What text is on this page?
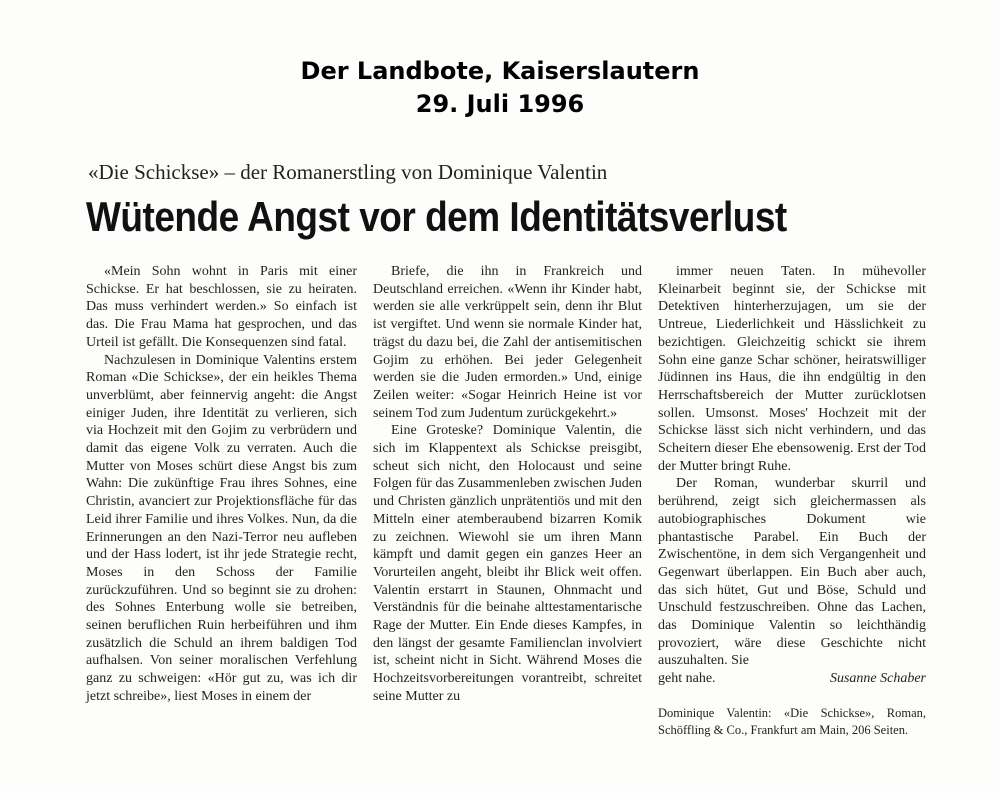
Der Landbote, Kaiserslautern
29. Juli 1996
«Die Schickse» – der Romanerstling von Dominique Valentin
Wütende Angst vor dem Identitätsverlust

«Mein Sohn wohnt in Paris mit einer Schickse. Er hat beschlossen, sie zu heiraten. Das muss verhindert werden.» So einfach ist das. Die Frau Mama hat gesprochen, und das Urteil ist gefällt. Die Konsequenzen sind fatal.

Nachzulesen in Dominique Valentins erstem Roman «Die Schickse», der ein heikles Thema unverblümt, aber feinnervig angeht: die Angst einiger Juden, ihre Identität zu verlieren, sich via Hochzeit mit den Gojim zu verbrüdern und damit das eigene Volk zu verraten. Auch die Mutter von Moses schürt diese Angst bis zum Wahn: Die zukünftige Frau ihres Sohnes, eine Christin, avanciert zur Projektionsfläche für das Leid ihrer Familie und ihres Volkes. Nun, da die Erinnerungen an den Nazi-Terror neu aufleben und der Hass lodert, ist ihr jede Strategie recht, Moses in den Schoss der Familie zurückzuführen. Und so beginnt sie zu drohen: des Sohnes Enterbung wolle sie betreiben, seinen beruflichen Ruin herbeiführen und ihm zusätzlich die Schuld an ihrem baldigen Tod aufhalsen. Von seiner moralischen Verfehlung ganz zu schweigen: «Hör gut zu, was ich dir jetzt schreibe», liest Moses in einem der

Briefe, die ihn in Frankreich und Deutschland erreichen. «Wenn ihr Kinder habt, werden sie alle verkrüppelt sein, denn ihr Blut ist vergiftet. Und wenn sie normale Kinder hat, trägst du dazu bei, die Zahl der antisemitischen Gojim zu erhöhen. Bei jeder Gelegenheit werden sie die Juden ermorden.» Und, einige Zeilen weiter: «Sogar Heinrich Heine ist vor seinem Tod zum Judentum zurückgekehrt.»

Eine Groteske? Dominique Valentin, die sich im Klappentext als Schickse preisgibt, scheut sich nicht, den Holocaust und seine Folgen für das Zusammenleben zwischen Juden und Christen gänzlich unprätentiös und mit den Mitteln einer atemberaubend bizarren Komik zu zeichnen. Wiewohl sie um ihren Mann kämpft und damit gegen ein ganzes Heer an Vorurteilen angeht, bleibt ihr Blick weit offen. Valentin erstarrt in Staunen, Ohnmacht und Verständnis für die beinahe alttestamentarische Rage der Mutter. Ein Ende dieses Kampfes, in den längst der gesamte Familienclan involviert ist, scheint nicht in Sicht. Während Moses die Hochzeitsvorbereitungen vorantreibt, schreitet seine Mutter zu

immer neuen Taten. In mühevoller Kleinarbeit beginnt sie, der Schickse mit Detektiven hinterherzujagen, um sie der Untreue, Liederlichkeit und Hässlichkeit zu bezichtigen. Gleichzeitig schickt sie ihrem Sohn eine ganze Schar schöner, heiratswilliger Jüdinnen ins Haus, die ihn endgültig in den Herrschaftsbereich der Mutter zurücklotsen sollen. Umsonst. Moses' Hochzeit mit der Schickse lässt sich nicht verhindern, und das Scheitern dieser Ehe ebensowenig. Erst der Tod der Mutter bringt Ruhe.

Der Roman, wunderbar skurril und berührend, zeigt sich gleichermassen als autobiographisches Dokument wie phantastische Parabel. Ein Buch der Zwischentöne, in dem sich Vergangenheit und Gegenwart überlappen. Ein Buch aber auch, das sich hütet, Gut und Böse, Schuld und Unschuld festzuschreiben. Ohne das Lachen, das Dominique Valentin so leichthändig provoziert, wäre diese Geschichte nicht auszuhalten. Sie

geht nahe.	Susanne Schaber
Dominique Valentin: «Die Schickse», Roman, Schöffling & Co., Frankfurt am Main, 206 Seiten.
